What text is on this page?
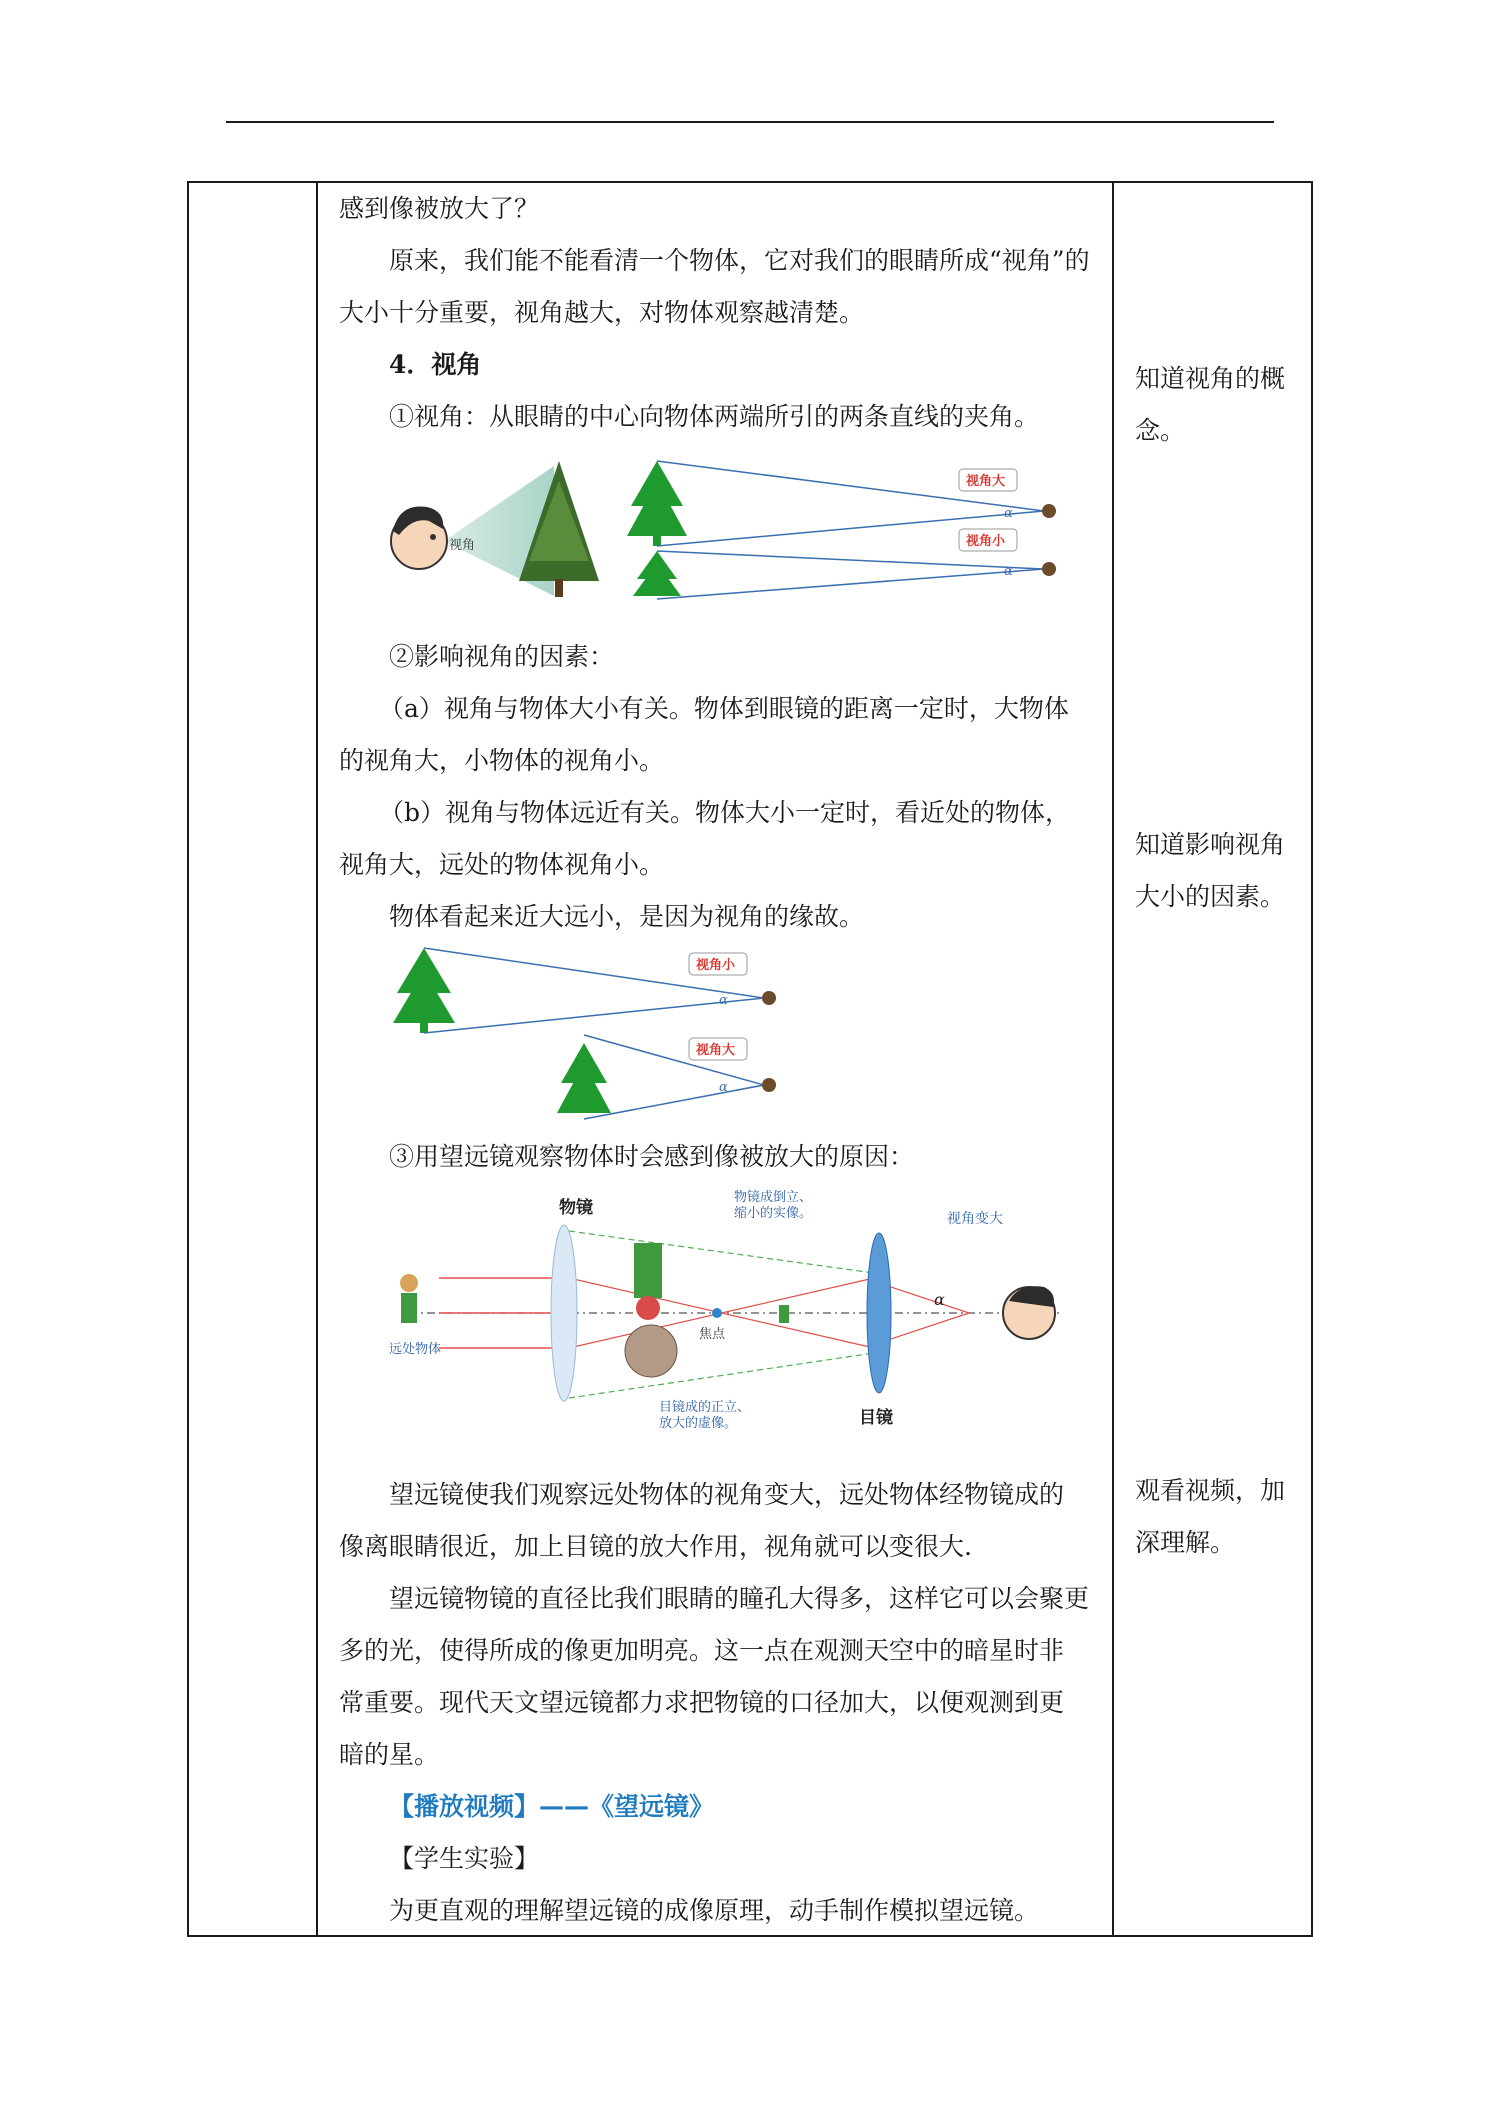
感到像被放大了？
原来，我们能不能看清一个物体，它对我们的眼睛所成“视角”的
大小十分重要，视角越大，对物体观察越清楚。
4．视角
①视角：从眼睛的中心向物体两端所引的两条直线的夹角。
视角
视角大
视角小
α
α
②影响视角的因素：
（a）视角与物体大小有关。物体到眼镜的距离一定时，大物体
的视角大，小物体的视角小。
（b）视角与物体远近有关。物体大小一定时，看近处的物体，
视角大，远处的物体视角小。
物体看起来近大远小，是因为视角的缘故。
视角小
视角大
α
α
③用望远镜观察物体时会感到像被放大的原因：
物镜
物镜成倒立、
缩小的实像。	视角变大
远处物体
焦点
α
目镜
目镜成的正立、
放大的虚像。
望远镜使我们观察远处物体的视角变大，远处物体经物镜成的
像离眼睛很近，加上目镜的放大作用，视角就可以变很大.
望远镜物镜的直径比我们眼睛的瞳孔大得多，这样它可以会聚更
多的光，使得所成的像更加明亮。这一点在观测天空中的暗星时非
常重要。现代天文望远镜都力求把物镜的口径加大，以便观测到更
暗的星。
【播放视频】——《望远镜》
【学生实验】
为更直观的理解望远镜的成像原理，动手制作模拟望远镜。
知道视角的概
念。
知道影响视角
大小的因素。
观看视频，加
深理解。
